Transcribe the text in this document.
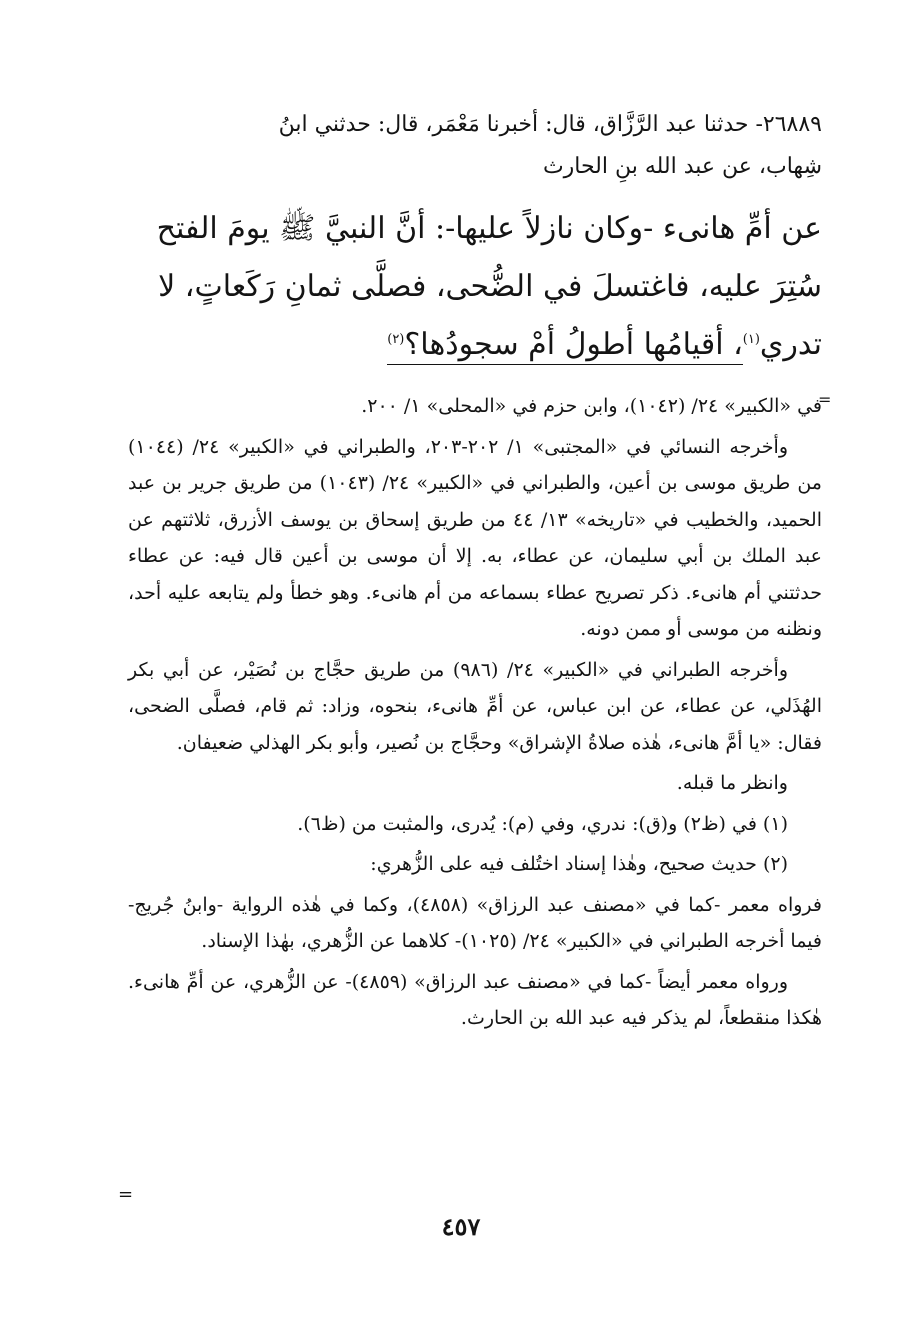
٢٦٨٨٩- حدثنا عبد الرَّزَّاق، قال: أخبرنا مَعْمَر، قال: حدثني ابنُ
شِهاب، عن عبد الله بنِ الحارث
عن أمِّ هانىء -وكان نازلاً عليها-: أنَّ النبيَّ ﷺ يومَ الفتح
سُتِرَ عليه، فاغتسلَ في الضُّحى، فصلَّى ثمانِ رَكَعاتٍ، لا
تدري$^{(١)}$، أقيامُها أطولُ أمْ سجودُها؟$^{(٢)}$
=

في «الكبير» ٢٤/ (١٠٤٢)، وابن حزم في «المحلى» ١/ ٢٠٠.

وأخرجه النسائي في «المجتبى» ١/ ٢٠٢-٢٠٣، والطبراني في «الكبير» ٢٤/ (١٠٤٤) من طريق موسى بن أعين، والطبراني في «الكبير» ٢٤/ (١٠٤٣) من طريق جرير بن عبد الحميد، والخطيب في «تاريخه» ١٣/ ٤٤ من طريق إسحاق بن يوسف الأزرق، ثلاثتهم عن عبد الملك بن أبي سليمان، عن عطاء، به. إلا أن موسى بن أعين قال فيه: عن عطاء حدثتني أم هانىء. ذكر تصريح عطاء بسماعه من أم هانىء. وهو خطأ ولم يتابعه عليه أحد، ونظنه من موسى أو ممن دونه.

وأخرجه الطبراني في «الكبير» ٢٤/ (٩٨٦) من طريق حجَّاج بن نُصَيْر، عن أبي بكر الهُذَلي، عن عطاء، عن ابن عباس، عن أمِّ هانىء، بنحوه، وزاد: ثم قام، فصلَّى الضحى، فقال: «يا أمَّ هانىء، هٰذه صلاةُ الإشراق» وحجَّاج بن نُصير، وأبو بكر الهذلي ضعيفان.

وانظر ما قبله.

(١) في (ظ٢) و(ق): ندري، وفي (م): يُدرى، والمثبت من (ظ٦).

(٢) حديث صحيح، وهٰذا إسناد اختُلف فيه على الزُّهري:

فرواه معمر -كما في «مصنف عبد الرزاق» (٤٨٥٨)، وكما في هٰذه الرواية -وابنُ جُريج- فيما أخرجه الطبراني في «الكبير» ٢٤/ (١٠٢٥)- كلاهما عن الزُّهري، بهٰذا الإسناد.

ورواه معمر أيضاً -كما في «مصنف عبد الرزاق» (٤٨٥٩)- عن الزُّهري، عن أمِّ هانىء. هٰكذا منقطعاً، لم يذكر فيه عبد الله بن الحارث.

=
٤٥٧
